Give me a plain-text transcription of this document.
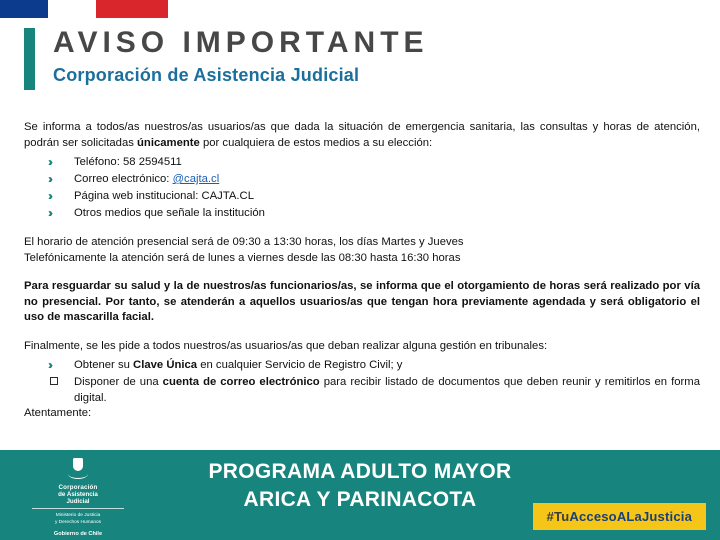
AVISO IMPORTANTE
Corporación de Asistencia Judicial
Se informa a todos/as nuestros/as usuarios/as que dada la situación de emergencia sanitaria, las consultas y horas de atención, podrán ser solicitadas únicamente por cualquiera de estos medios a su elección:
››	Teléfono: 58 2594511
››	Correo electrónico: @cajta.cl
››	Página web institucional: CAJTA.CL
››	Otros medios que señale la institución
El horario de atención presencial será de 09:30 a 13:30 horas, los días Martes y Jueves
Telefónicamente la atención será de lunes a viernes desde las 08:30 hasta 16:30 horas
Para resguardar su salud y la de nuestros/as funcionarios/as, se informa que el otorgamiento de horas será realizado por vía no presencial. Por tanto, se atenderán a aquellos usuarios/as que tengan hora previamente agendada y será obligatorio el uso de mascarilla facial.
Finalmente, se les pide a todos nuestros/as usuarios/as que deban realizar alguna gestión en tribunales:
››	Obtener su Clave Única en cualquier Servicio de Registro Civil; y
Disponer de una cuenta de correo electrónico para recibir listado de documentos que deben reunir y remitirlos en forma digital.
Atentamente:
Corporación
de Asistencia
Judicial
Ministerio de Justicia
y Derechos Humanos
Gobierno de Chile
PROGRAMA ADULTO MAYOR
ARICA Y PARINACOTA
#TuAccesoALaJusticia
